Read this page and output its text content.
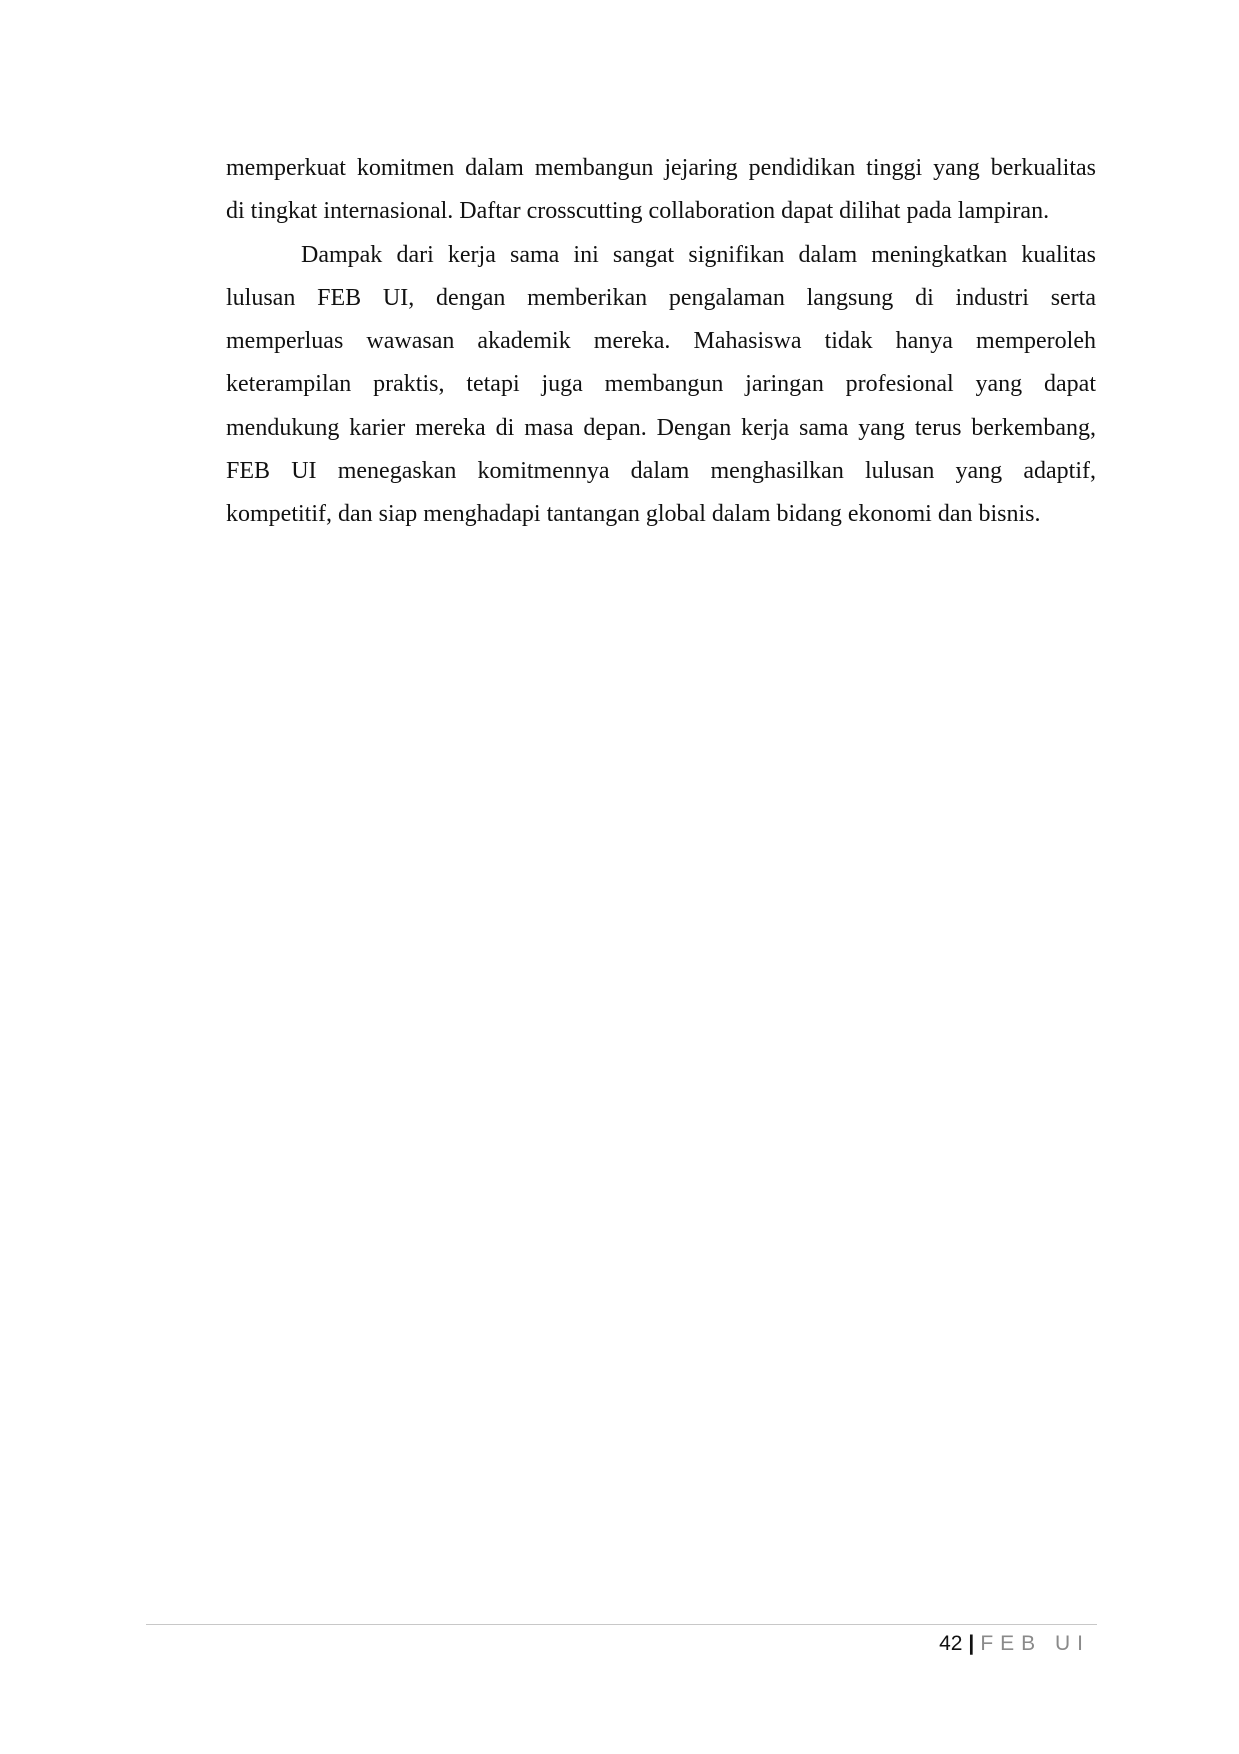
memperkuat komitmen dalam membangun jejaring pendidikan tinggi yang berkualitas
di tingkat internasional. Daftar crosscutting collaboration dapat dilihat pada lampiran.
Dampak dari kerja sama ini sangat signifikan dalam meningkatkan kualitas
lulusan FEB UI, dengan memberikan pengalaman langsung di industri serta
memperluas wawasan akademik mereka. Mahasiswa tidak hanya memperoleh
keterampilan praktis, tetapi juga membangun jaringan profesional yang dapat
mendukung karier mereka di masa depan. Dengan kerja sama yang terus berkembang,
FEB UI menegaskan komitmennya dalam menghasilkan lulusan yang adaptif,
kompetitif, dan siap menghadapi tantangan global dalam bidang ekonomi dan bisnis.
42 | FEB UI
